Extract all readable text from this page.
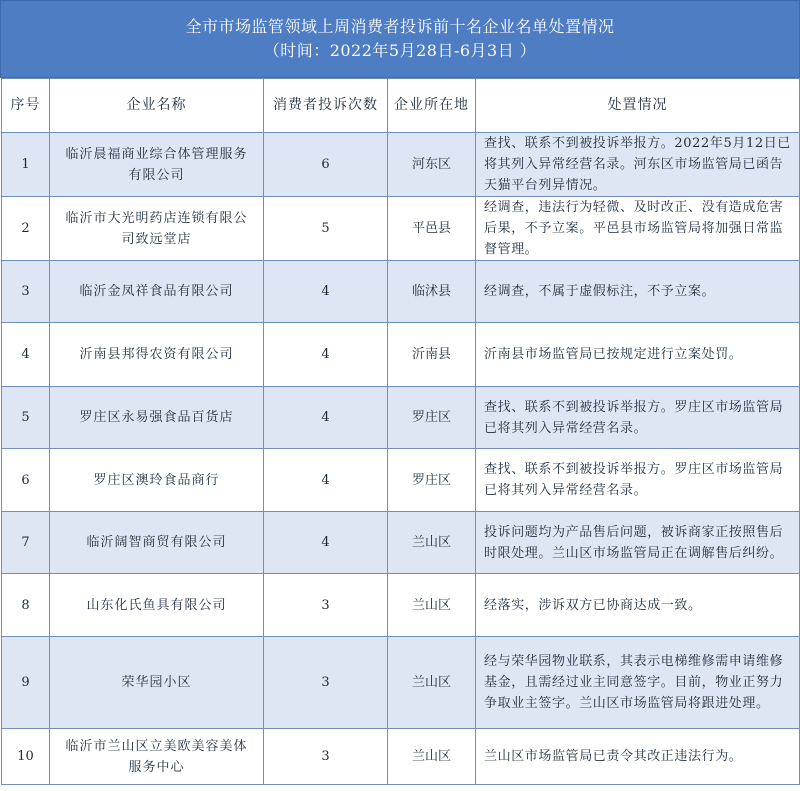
全市市场监管领域上周消费者投诉前十名企业名单处置情况
（时间：2022年5月28日-6月3日 ）
序号	企业名称	消费者投诉次数	企业所在地	处置情况
1	临沂晨福商业综合体管理服务有限公司	6	河东区	查找、联系不到被投诉举报方。2022年5月12日已将其列入异常经营名录。河东区市场监管局已函告天猫平台列异情况。
2	临沂市大光明药店连锁有限公司致远堂店	5	平邑县	经调查，违法行为轻微、及时改正、没有造成危害后果，不予立案。平邑县市场监管局将加强日常监督管理。
3	临沂金凤祥食品有限公司	4	临沭县	经调查，不属于虚假标注，不予立案。
4	沂南县邦得农资有限公司	4	沂南县	沂南县市场监管局已按规定进行立案处罚。
5	罗庄区永易强食品百货店	4	罗庄区	查找、联系不到被投诉举报方。罗庄区市场监管局已将其列入异常经营名录。
6	罗庄区澳玲食品商行	4	罗庄区	查找、联系不到被投诉举报方。罗庄区市场监管局已将其列入异常经营名录。
7	临沂阔智商贸有限公司	4	兰山区	投诉问题均为产品售后问题，被诉商家正按照售后时限处理。兰山区市场监管局正在调解售后纠纷。
8	山东化氏鱼具有限公司	3	兰山区	经落实，涉诉双方已协商达成一致。
9	荣华园小区	3	兰山区	经与荣华园物业联系，其表示电梯维修需申请维修基金，且需经过业主同意签字。目前，物业正努力争取业主签字。兰山区市场监管局将跟进处理。
10	临沂市兰山区立美欧美容美体服务中心	3	兰山区	兰山区市场监管局已责令其改正违法行为。
